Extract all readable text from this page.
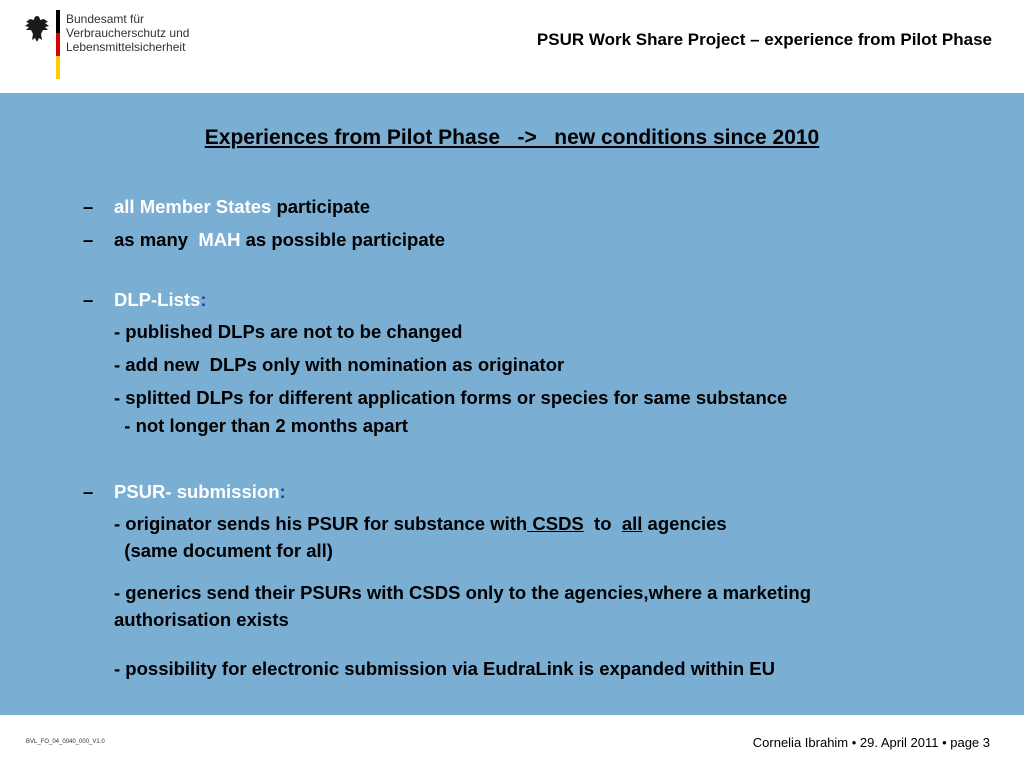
Bundesamt für
Verbraucherschutz und
Lebensmittelsicherheit	PSUR Work Share Project – experience from Pilot Phase
Experiences from Pilot Phase   ->   new conditions since 2010
– all Member States participate
– as many  MAH as possible participate
– DLP-Lists:
- published DLPs are not to be changed
- add new  DLPs only with nomination as originator
- splitted DLPs for different application forms or species for same substance
- not longer than 2 months apart
– PSUR- submission:
- originator sends his PSUR for substance with CSDS  to  all agencies
(same document for all)
- generics send their PSURs with CSDS only to the agencies,where a marketing
authorisation exists
- possibility for electronic submission via EudraLink is expanded within EU
BVL_FO_04_0040_000_V1.0	Cornelia Ibrahim • 29. April 2011 • page 3
